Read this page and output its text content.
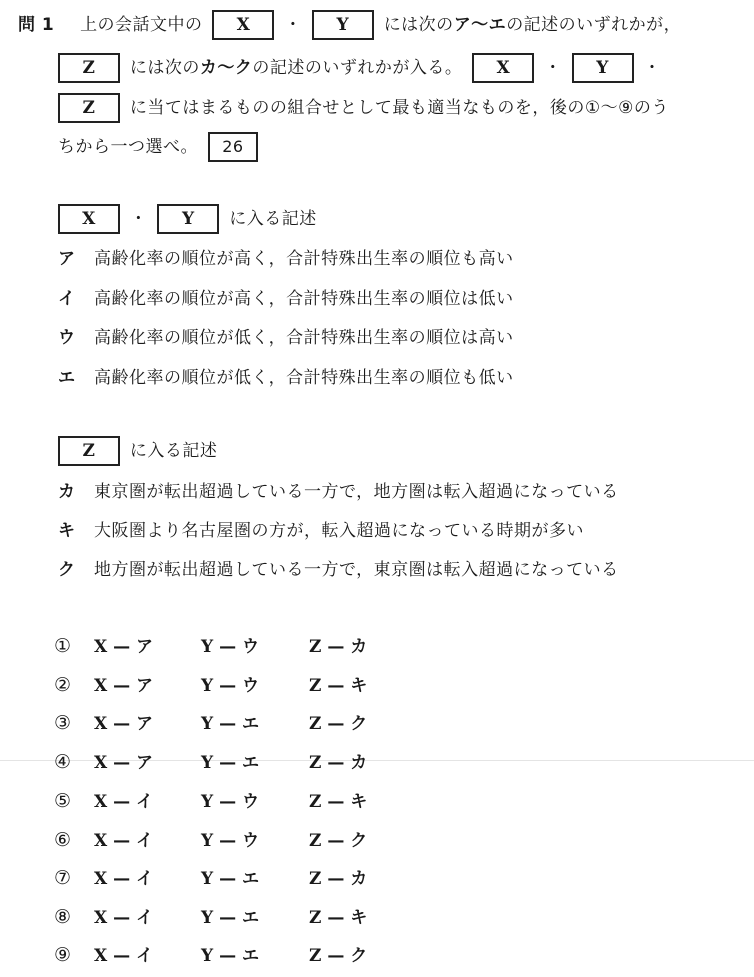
問 1 上の会話文中の X ・ Y には次のア～エの記述のいずれかが，
Z には次のカ～クの記述のいずれかが入る。 X ・ Y ・
Z に当てはまるものの組合せとして最も適当なものを，後の①～⑨のう
ちから一つ選べ。 26
X ・ Y に入る記述
ア 高齢化率の順位が高く，合計特殊出生率の順位も高い
イ 高齢化率の順位が高く，合計特殊出生率の順位は低い
ウ 高齢化率の順位が低く，合計特殊出生率の順位は高い
エ 高齢化率の順位が低く，合計特殊出生率の順位も低い
Z に入る記述
カ 東京圏が転出超過している一方で，地方圏は転入超過になっている
キ 大阪圏より名古屋圏の方が，転入超過になっている時期が多い
ク 地方圏が転出超過している一方で，東京圏は転入超過になっている
① X — ア	Y — ウ	Z — カ
② X — ア	Y — ウ	Z — キ
③ X — ア	Y — エ	Z — ク
④ X — ア	Y — エ	Z — カ
⑤ X — イ	Y — ウ	Z — キ
⑥ X — イ	Y — ウ	Z — ク
⑦ X — イ	Y — エ	Z — カ
⑧ X — イ	Y — エ	Z — キ
⑨ X — イ	Y — エ	Z — ク
